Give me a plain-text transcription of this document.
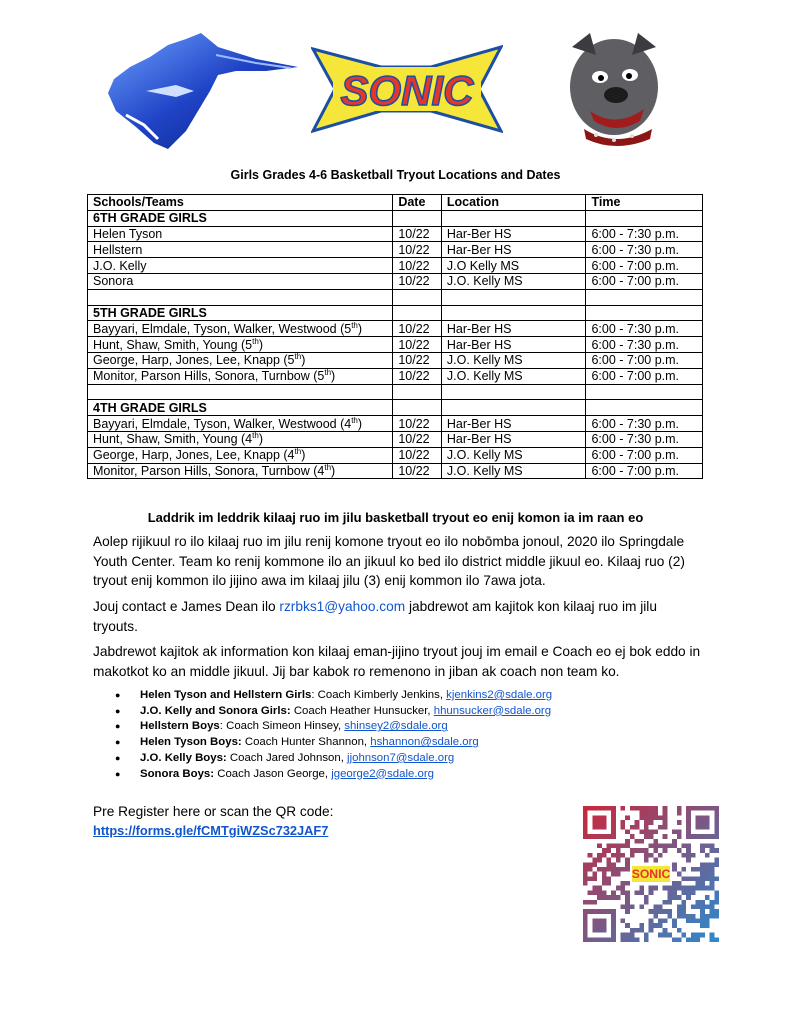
SONIC
Girls Grades 4-6 Basketball Tryout Locations and Dates
Schools/Teams	Date	Location	Time
6TH GRADE GIRLS			
Helen Tyson	10/22	Har-Ber HS	6:00 - 7:30 p.m.
Hellstern	10/22	Har-Ber HS	6:00 - 7:30 p.m.
J.O. Kelly	10/22	J.O Kelly MS	6:00 - 7:00 p.m.
Sonora	10/22	J.O. Kelly MS	6:00 - 7:00 p.m.

5TH GRADE GIRLS			
Bayyari, Elmdale, Tyson, Walker, Westwood (5th)	10/22	Har-Ber HS	6:00 - 7:30 p.m.
Hunt, Shaw, Smith, Young (5th)	10/22	Har-Ber HS	6:00 - 7:30 p.m.
George, Harp, Jones, Lee, Knapp (5th)	10/22	J.O. Kelly MS	6:00 - 7:00 p.m.
Monitor, Parson Hills, Sonora, Turnbow (5th)	10/22	J.O. Kelly MS	6:00 - 7:00 p.m.

4TH GRADE GIRLS			
Bayyari, Elmdale, Tyson, Walker, Westwood (4th)	10/22	Har-Ber HS	6:00 - 7:30 p.m.
Hunt, Shaw, Smith, Young (4th)	10/22	Har-Ber HS	6:00 - 7:30 p.m.
George, Harp, Jones, Lee, Knapp (4th)	10/22	J.O. Kelly MS	6:00 - 7:00 p.m.
Monitor, Parson Hills, Sonora, Turnbow (4th)	10/22	J.O. Kelly MS	6:00 - 7:00 p.m.
Laddrik im leddrik kilaaj ruo im jilu basketball tryout eo enij komon ia im raan eo
Aolep rijikuul ro ilo kilaaj ruo im jilu renij komone tryout eo ilo nobōmba jonoul, 2020 ilo Springdale Youth Center. Team ko renij kommone ilo an jikuul ko bed ilo district middle jikuul eo. Kilaaj ruo (2) tryout enij kommon ilo jijino awa im kilaaj jilu (3) enij kommon ilo 7awa jota.
Jouj contact e James Dean ilo rzrbks1@yahoo.com jabdrewot am kajitok kon kilaaj ruo im jilu tryouts.
Jabdrewot kajitok ak information kon kilaaj eman-jijino tryout jouj im email e Coach eo ej bok eddo in makotkot ko an middle jikuul. Jij bar kabok ro remenono in jiban ak coach non team ko.
● Helen Tyson and Hellstern Girls: Coach Kimberly Jenkins, kjenkins2@sdale.org
● J.O. Kelly and Sonora Girls: Coach Heather Hunsucker, hhunsucker@sdale.org
● Hellstern Boys: Coach Simeon Hinsey, shinsey2@sdale.org
● Helen Tyson Boys: Coach Hunter Shannon, hshannon@sdale.org
● J.O. Kelly Boys: Coach Jared Johnson, jjohnson7@sdale.org
● Sonora Boys: Coach Jason George, jgeorge2@sdale.org
Pre Register here or scan the QR code:
https://forms.gle/fCMTgiWZSc732JAF7
SONIC
